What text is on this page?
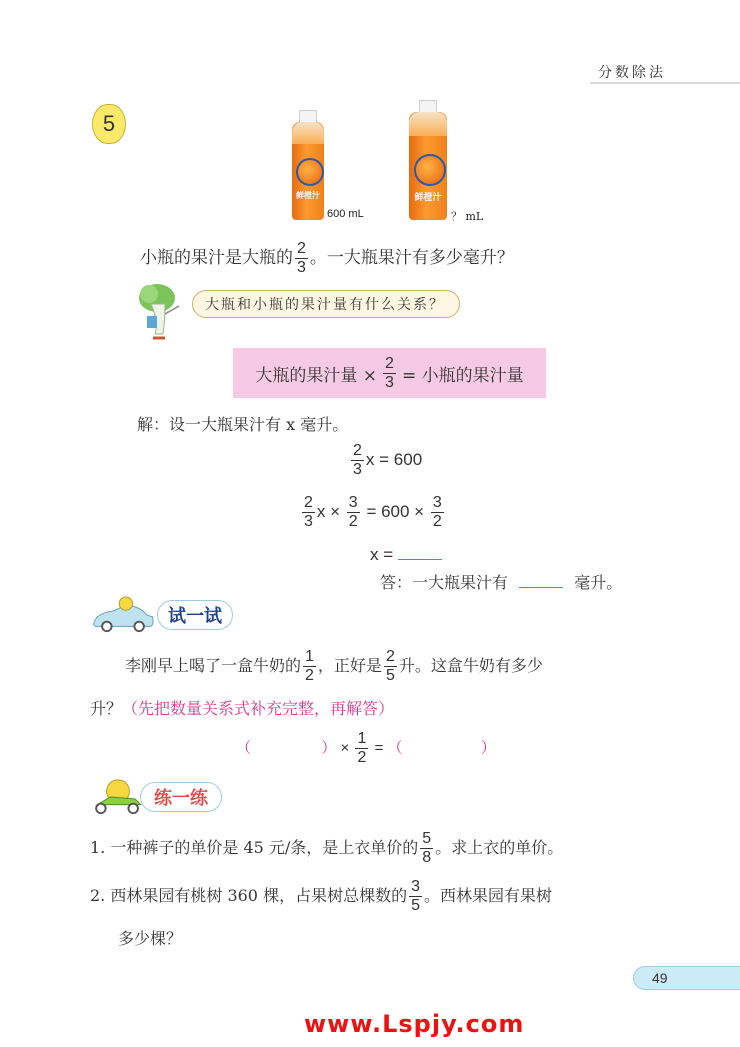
分数除法
5
鲜橙汁
600 mL
鲜橙汁
？ mL
小瓶的果汁是大瓶的 $\frac{2}{3}$ 。一大瓶果汁有多少毫升？
大瓶和小瓶的果汁量有什么关系？
大瓶的果汁量 × $\frac{2}{3}$ = 小瓶的果汁量
解：设一大瓶果汁有 x 毫升。
$\frac{2}{3}$ x = 600
$\frac{2}{3}$ $x \times \frac{3}{2} = 600 \times \frac{3}{2}$
x =
答：一大瓶果汁有	毫升。
试一试
李刚早上喝了一盒牛奶的 $\frac{1}{2}$ ，正好是 $\frac{2}{5}$ 升。这盒牛奶有多少
升？（先把数量关系式补充完整，再解答）
（	） × $\frac{1}{2}$ = （	）
练一练
1. 一种裤子的单价是 45 元/条，是上衣单价的 $\frac{5}{8}$ 。求上衣的单价。
2. 西林果园有桃树 360 棵，占果树总棵数的 $\frac{3}{5}$ 。西林果园有果树
多少棵？
49
www.Lspjy.com
